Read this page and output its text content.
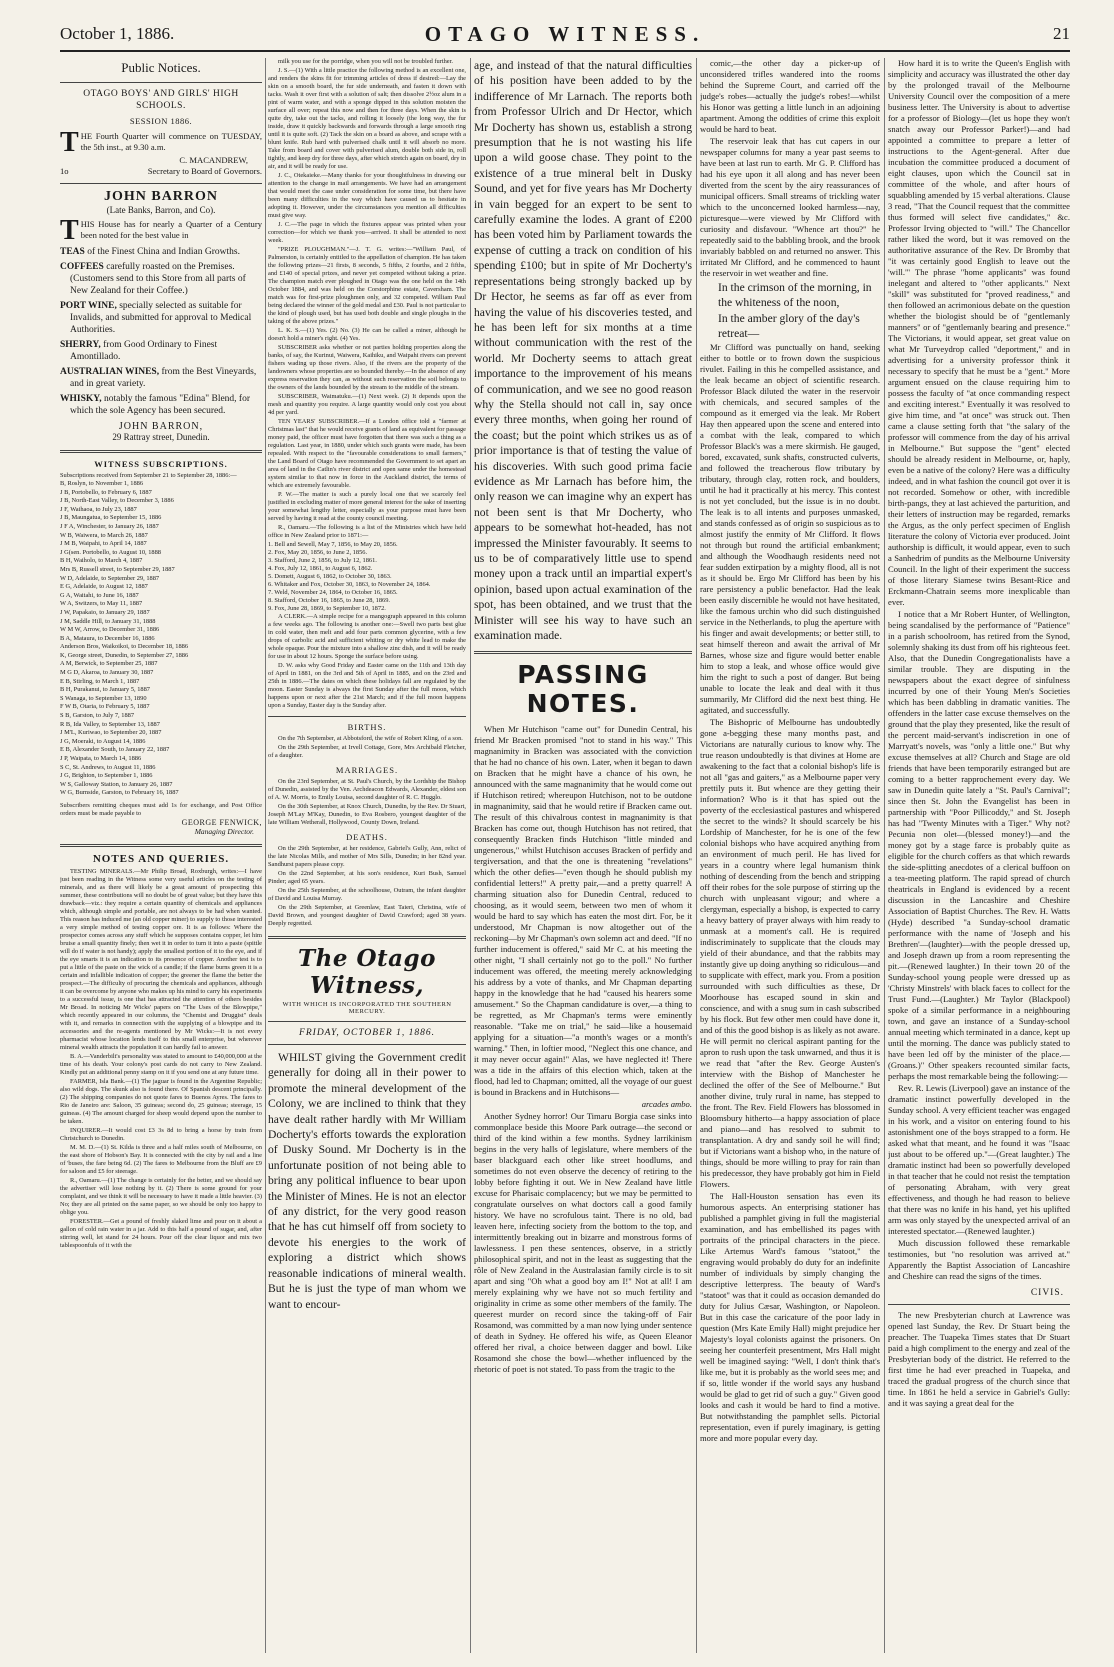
October 1, 1886.	OTAGO WITNESS.	21
Public Notices.
OTAGO BOYS' AND GIRLS' HIGH SCHOOLS.
SESSION 1886.
THE Fourth Quarter will commence on TUESDAY, the 5th inst., at 9.30 a.m.
C. MACANDREW,
1o	Secretary to Board of Governors.
JOHN BARRON
(Late Banks, Barron, and Co).
THIS House has for nearly a Quarter of a Century been noted for the best value in
TEAS of the Finest China and Indian Growths.
COFFEES carefully roasted on the Premises. (Customers send to this Store from all parts of New Zealand for their Coffee.)
PORT WINE, specially selected as suitable for Invalids, and submitted for approval to Medical Authorities.
SHERRY, from Good Ordinary to Finest Amontillado.
AUSTRALIAN WINES, from the Best Vineyards, and in great variety.
WHISKY, notably the famous "Edina" Blend, for which the sole Agency has been secured.
JOHN BARRON,
29 Rattray street, Dunedin.
WITNESS SUBSCRIPTIONS.
Subscriptions received from September 21 to September 28, 1886:—
B, Roslyn, to November 1, 1886
J B, Portobello, to February 6, 1887
J B, North-East Valley, to December 3, 1886
J F, Waihaoa, to July 23, 1887
J B, Maungatua, to September 15, 1886
J F A, Winchester, to January 26, 1887
W B, Waiwera, to March 26, 1887
J M B, Waipahi, to April 14, 1887
J G(sen. Portobello, to August 10, 1888
B H, Waiholo, to March 4, 1887
Mrs B, Russell street, to September 29, 1887
W D, Adelaide, to September 29, 1887
E G, Adelaide, to August 12, 1887
G A, Waitahi, to June 16, 1887
W A, Switzers, to May 11, 1887
J W, Papakaio, to January 29, 1887
J M, Saddle Hill, to January 31, 1888
W M W, Arrow, to December 31, 1886
B A, Mataura, to December 16, 1886
Anderson Bros, Waikoikoi, to December 18, 1886
K, George street, Dunedin, to September 27, 1886
A M, Berwick, to September 25, 1887
M G D, Akaroa, to January 30, 1887
E B, Stirling, to March 1, 1887
B H, Purakanui, to January 5, 1887
S Wanaga, to September 13, 1890
F W B, Otaria, to February 5, 1887
S B, Garston, to July 7, 1887
R B, Ida Valley, to September 13, 1887
J M'L, Kuriwao, to September 20, 1887
J G, Moeraki, to August 14, 1886
E B, Alexander South, to January 22, 1887
J P, Waipata, to March 14, 1886
S C, St. Andrews, to August 11, 1886
J G, Brighton, to September 1, 1886
W S, Galloway Station, to January 26, 1887
W G, Burnside, Garston, to February 16, 1887
Subscribers remitting cheques must add 1s for exchange, and Post Office orders must be made payable to
GEORGE FENWICK,
Managing Director.
NOTES AND QUERIES.

TESTING MINERALS.—Mr Philip Broad, Roxburgh, writes:—I have just been reading in the Witness some very useful articles on the testing of minerals, and as there will likely be a great amount of prospecting this summer, these contributions will no doubt be of great value; but they have this drawback—viz.: they require a certain quantity of chemicals and appliances which, although simple and portable, are not always to be had when wanted. This reason has induced me (an old copper miner) to supply to those interested a very simple method of testing copper ore. It is as follows: Where the prospector comes across any stuff which he supposes contains copper, let him bruise a small quantity finely; then wet it in order to turn it into a paste (spittle will do if water is not handy); apply the smallest portion of it to the eye, and if the eye smarts it is an indication to its presence of copper. Another test is to put a little of the paste on the wick of a candle; if the flame burns green it is a certain and infallible indication of copper; the greener the flame the better the prospect.—The difficulty of procuring the chemicals and appliances, although it can be overcome by anyone who makes up his mind to carry his experiments to a successful issue, is one that has attracted the attention of others besides Mr Broad. In noticing Mr Wicks' papers on "The Uses of the Blowpipe," which recently appeared in our columns, the "Chemist and Druggist" deals with it, and remarks in connection with the supplying of a blowpipe and its accessories and the re-agents mentioned by Mr Wicks:—It is not every pharmacist whose location lends itself to this small enterprise, but wherever mineral wealth attracts the population it can hardly fail to answer.

B. A.—Vanderbilt's personality was stated to amount to £40,000,000 at the time of his death. Your colony's post cards do not carry to New Zealand. Kindly put an additional penny stamp on it if you send one at any future time.

FARMER, Isla Bank.—(1) The jaguar is found in the Argentine Republic; also wild dogs. The skunk also is found there. Of Spanish descent principally. (2) The shipping companies do not quote fares to Buenos Ayres. The fares to Rio de Janeiro are: Saloon, 35 guineas; second do, 25 guineas; steerage, 15 guineas. (4) The amount charged for sheep would depend upon the number to be taken.

INQUIRER.—It would cost £3 3s 8d to bring a horse by train from Christchurch to Dunedin.

M. M. D.—(1) St. Kilda is three and a half miles south of Melbourne, on the east shore of Hobson's Bay. It is connected with the city by rail and a line of 'buses, the fare being 6d. (2) The fares to Melbourne from the Bluff are £9 for saloon and £5 for steerage.

R., Oamaru.—(1) The change is certainly for the better, and we should say the advertiser will lose nothing by it. (2) There is some ground for your complaint, and we think it will be necessary to have it made a little heavier. (3) No; they are all printed on the same paper, so we should be only too happy to oblige you.

FORESTER.—Get a pound of freshly slaked lime and pour on it about a gallon of cold rain water in a jar. Add to this half a pound of sugar, and, after stirring well, let stand for 24 hours. Pour off the clear liquor and mix two tablespoonfuls of it with the

milk you use for the porridge, when you will not be troubled further.

J. S.—(1) With a little practice the following method is an excellent one, and renders the skins fit for trimming articles of dress if desired:—Lay the skin on a smooth board, the fur side underneath, and fasten it down with tacks. Wash it over first with a solution of salt; then dissolve 2½oz alum in a pint of warm water, and with a sponge dipped in this solution moisten the surface all over; repeat this now and then for three days. When the skin is quite dry, take out the tacks, and rolling it loosely (the long way, the fur inside, draw it quickly backwards and forwards through a large smooth ring until it is quite soft. (2) Tack the skin on a board as above, and scrape with a blunt knife. Rub hard with pulverised chalk until it will absorb no more. Take from board and cover with pulverised alum, double both side in, roll tightly, and keep dry for three days, after which stretch again on board, dry in air, and it will be ready for use.

J. C., Otekaieke.—Many thanks for your thoughtfulness in drawing our attention to the change in mail arrangements. We have had an arrangement that would meet the case under consideration for some time, but there have been many difficulties in the way which have caused us to hesitate in adopting it. However, under the circumstances you mention all difficulties must give way.

J. C.—The page in which the fixtures appear was printed when your correction—for which we thank you—arrived. It shall be attended to next week.

"PRIZE PLOUGHMAN."—J. T. G. writes:—"William Paul, of Palmerston, is certainly entitled to the appellation of champion. He has taken the following prizes—21 firsts, 8 seconds, 5 fifths, 2 fourths, and 2 fifths, and £140 of special prizes, and never yet competed without taking a prize. The champion match ever ploughed in Otago was the one held on the 14th October 1884, and was held on the Corstorphine estate, Caversham. The match was for first-prize ploughmen only, and 32 competed. William Paul being declared the winner of the gold medal and £30. Paul is not particular to the kind of plough used, but has used both double and single ploughs in the taking of the above prizes."

L. K. S.—(1) Yes. (2) No. (3) He can be called a miner, although he doesn't hold a miner's right. (4) Yes.

SUBSCRIBER asks whether or not parties holding properties along the banks, of say, the Kurinui, Waiwera, Kaihiku, and Waipahi rivers can prevent fishers wading up those rivers. Also, if the rivers are the property of the landowners whose properties are so bounded thereby.—In the absence of any express reservation they can, as without such reservation the soil belongs to the owners of the lands bounded by the stream to the middle of the stream.

SUBSCRIBER, Waimatuku.—(1) Next week. (2) It depends upon the mesh and quantity you require. A large quantity would only cost you about 4d per yard.

TEN YEARS' SUBSCRIBER.—If a London office told a "farmer at Christmas last" that he would receive grants of land as equivalent for passage money paid, the officer must have forgotten that there was such a thing as a regulation. Last year, in 1880, under which such grants were made, has been repealed. With respect to the "favourable considerations to small farmers," the Land Board of Otago have recommended the Government to set apart an area of land in the Catlin's river district and open same under the homestead system similar to that now in force in the Auckland district, the terms of which are extremely favourable.

P. W.—The matter is such a purely local one that we scarcely feel justified in excluding matter of more general interest for the sake of inserting your somewhat lengthy letter, especially as your purpose must have been served by having it read at the county council meeting.

R., Oamaru.—The following is a list of the Ministries which have held office in New Zealand prior to 1871:—

1. Bell and Sewell, May 7, 1856, to May 20, 1856.
2. Fox, May 20, 1856, to June 2, 1856.
3. Stafford, June 2, 1856, to July 12, 1861.
4. Fox, July 12, 1861, to August 6, 1862.
5. Domett, August 6, 1862, to October 30, 1863.
6. Whitaker and Fox, October 30, 1863, to November 24, 1864.
7. Weld, November 24, 1864, to October 16, 1865.
8. Stafford, October 16, 1865, to June 28, 1869.
9. Fox, June 28, 1869, to September 10, 1872.

A CLERK.—A simple recipe for a mangograph appeared in this column a few weeks ago. The following is another one:—Swell two parts best glue in cold water, then melt and add four parts common glycerine, with a few drops of carbolic acid and sufficient whiting or dry white lead to make the whole opaque. Pour the mixture into a shallow zinc dish, and it will be ready for use in about 12 hours. Sponge the surface before using.

D. W. asks why Good Friday and Easter came on the 11th and 13th day of April in 1881, on the 3rd and 5th of April in 1885, and on the 23rd and 25th in 1886.—The dates on which these holidays fall are regulated by the moon. Easter Sunday is always the first Sunday after the full moon, which happens upon or next after the 21st March; and if the full moon happens upon a Sunday, Easter day is the Sunday after.

BIRTHS.

On the 7th September, at Abbotsford, the wife of Robert Kling, of a son.

On the 29th September, at Irvell Cottage, Gore, Mrs Archibald Fletcher, of a daughter.

MARRIAGES.

On the 23rd September, at St. Paul's Church, by the Lordship the Bishop of Dunedin, assisted by the Ven. Archdeacon Edwards, Alexander, eldest son of A. W. Morris, to Emily Louisa, second daughter of R. C. Hugglo.

On the 30th September, at Knox Church, Dunedin, by the Rev. Dr Stuart, Joseph M'Lay M'Kay, Dunedin, to Eva Rosbero, youngest daughter of the late William Wetherall, Hollywood, County Down, Ireland.

DEATHS.

On the 29th September, at her residence, Gabriel's Gully, Ann, relict of the late Nicolas Mills, and mother of Mrs Sills, Dunedin; in her 82nd year. Sandhurst papers please copy.

On the 22nd September, at his son's residence, Kuri Bush, Samuel Pinder; aged 65 years.

On the 25th September, at the schoolhouse, Outram, the infant daughter of David and Louisa Murray.

On the 29th September, at Greenlaw, East Taieri, Christina, wife of David Brown, and youngest daughter of David Crawford; aged 38 years. Deeply regretted.

The Otago Witness,
WITH WHICH IS INCORPORATED THE SOUTHERN MERCURY.
FRIDAY, OCTOBER 1, 1886.

WHILST giving the Government credit generally for doing all in their power to promote the mineral development of the Colony, we are inclined to think that they have dealt rather hardly with Mr William Docherty's efforts towards the exploration of Dusky Sound. Mr Docherty is in the unfortunate position of not being able to bring any political influence to bear upon the Minister of Mines. He is not an elector of any district, for the very good reason that he has cut himself off from society to devote his energies to the work of exploring a district which shows reasonable indications of mineral wealth. But he is just the type of man whom we want to encour-

age, and instead of that the natural difficulties of his position have been added to by the indifference of Mr Larnach. The reports both from Professor Ulrich and Dr Hector, which Mr Docherty has shown us, establish a strong presumption that he is not wasting his life upon a wild goose chase. They point to the existence of a true mineral belt in Dusky Sound, and yet for five years has Mr Docherty in vain begged for an expert to be sent to carefully examine the lodes. A grant of £200 has been voted him by Parliament towards the expense of cutting a track on condition of his spending £100; but in spite of Mr Docherty's representations being strongly backed up by Dr Hector, he seems as far off as ever from having the value of his discoveries tested, and he has been left for six months at a time without communication with the rest of the world. Mr Docherty seems to attach great importance to the improvement of his means of communication, and we see no good reason why the Stella should not call in, say once every three months, when going her round of the coast; but the point which strikes us as of prior importance is that of testing the value of his discoveries. With such good prima facie evidence as Mr Larnach has before him, the only reason we can imagine why an expert has not been sent is that Mr Docherty, who appears to be somewhat hot-headed, has not impressed the Minister favourably. It seems to us to be of comparatively little use to spend money upon a track until an impartial expert's opinion, based upon actual examination of the spot, has been obtained, and we trust that the Minister will see his way to have such an examination made.

PASSING NOTES.

When Mr Hutchison "came out" for Dunedin Central, his friend Mr Bracken promised "not to stand in his way." This magnanimity in Bracken was associated with the conviction that he had no chance of his own. Later, when it began to dawn on Bracken that he might have a chance of his own, he announced with the same magnanimity that he would come out if Hutchison retired; whereupon Hutchison, not to be outdone in magnanimity, said that he would retire if Bracken came out. The result of this chivalrous contest in magnanimity is that Bracken has come out, though Hutchison has not retired, that consequently Bracken finds Hutchison "little minded and ungenerous," whilst Hutchison accuses Bracken of perfidy and tergiversation, and that the one is threatening "revelations" which the other defies—"even though he should publish my confidential letters!" A pretty pair,—and a pretty quarrel! A charming situation also for Dunedin Central, reduced to choosing, as it would seem, between two men of whom it would be hard to say which has eaten the most dirt. For, be it understood, Mr Chapman is now altogether out of the reckoning—by Mr Chapman's own solemn act and deed. "If no further inducement is offered," said Mr C. at his meeting the other night, "I shall certainly not go to the poll." No further inducement was offered, the meeting merely acknowledging his address by a vote of thanks, and Mr Chapman departing happy in the knowledge that he had "caused his hearers some amusement." So the Chapman candidature is over,—a thing to be regretted, as Mr Chapman's terms were eminently reasonable. "Take me on trial," he said—like a housemaid applying for a situation—"a month's wages or a month's warning." Then, in loftier mood, "Neglect this one chance, and it may never occur again!" Alas, we have neglected it! There was a tide in the affairs of this election which, taken at the flood, had led to Chapman; omitted, all the voyage of our guest is bound in Brackens and in Hutchisons—

arcades ambo.

Another Sydney horror! Our Timaru Borgia case sinks into commonplace beside this Moore Park outrage—the second or third of the kind within a few months. Sydney larrikinism begins in the very halls of legislature, where members of the baser blackguard each other like street hoodlums, and sometimes do not even observe the decency of retiring to the lobby before fighting it out. We in New Zealand have little excuse for Pharisaic complacency; but we may be permitted to congratulate ourselves on what doctors call a good family history. We have no scrofulous taint. There is no old, bad leaven here, infecting society from the bottom to the top, and intermittently breaking out in bizarre and monstrous forms of lawlessness. I pen these sentences, observe, in a strictly philosophical spirit, and not in the least as suggesting that the rôle of New Zealand in the Australasian family circle is to sit apart and sing "Oh what a good boy am I!" Not at all! I am merely explaining why we have not so much fertility and originality in crime as some other members of the family. The queerest murder on record since the taking-off of Fair Rosamond, was committed by a man now lying under sentence of death in Sydney. He offered his wife, as Queen Eleanor offered her rival, a choice between dagger and bowl. Like Rosamond she chose the bowl—whether influenced by the rhetoric of poet is not stated. To pass from the tragic to the

comic,—the other day a picker-up of unconsidered trifles wandered into the rooms behind the Supreme Court, and carried off the judge's robes—actually the judge's robes!—whilst his Honor was getting a little lunch in an adjoining apartment. Among the oddities of crime this exploit would be hard to beat.

The reservoir leak that has cut capers in our newspaper columns for many a year past seems to have been at last run to earth. Mr G. P. Clifford has had his eye upon it all along and has never been diverted from the scent by the airy reassurances of municipal officers. Small streams of trickling water which to the unconcerned looked harmless—nay, picturesque—were viewed by Mr Clifford with curiosity and disfavour. "Whence art thou?" he repeatedly said to the babbling brook, and the brook invariably babbled on and returned no answer. This irritated Mr Clifford, and he commenced to haunt the reservoir in wet weather and fine.

In the crimson of the morning, in the whiteness of the noon,
In the amber glory of the day's retreat—

Mr Clifford was punctually on hand, seeking either to bottle or to frown down the suspicious rivulet. Failing in this he compelled assistance, and the leak became an object of scientific research. Professor Black diluted the water in the reservoir with chemicals, and secured samples of the compound as it emerged via the leak. Mr Robert Hay then appeared upon the scene and entered into a combat with the leak, compared to which Professor Black's was a mere skirmish. He gauged, bored, excavated, sunk shafts, constructed culverts, and followed the treacherous flow tributary by tributary, through clay, rotten rock, and boulders, until he had it practically at his mercy. This contest is not yet concluded, but the issue is in no doubt. The leak is to all intents and purposes unmasked, and stands confessed as of origin so suspicious as to almost justify the enmity of Mr Clifford. It flows not through but round the artificial embankment; and although the Woodhaugh residents need not fear sudden extirpation by a mighty flood, all is not as it should be. Ergo Mr Clifford has been by his rare persistency a public benefactor. Had the leak been easily discernible he would not have hesitated, like the famous urchin who did such distinguished service in the Netherlands, to plug the aperture with his finger and await developments; or better still, to seat himself thereon and await the arrival of Mr Barnes, whose size and figure would better enable him to stop a leak, and whose office would give him the right to such a post of danger. But being unable to locate the leak and deal with it thus summarily, Mr Clifford did the next best thing. He agitated, and successfully.

The Bishopric of Melbourne has undoubtedly gone a-begging these many months past, and Victorians are naturally curious to know why. The true reason undoubtedly is that divines at Home are awakening to the fact that a colonial bishop's life is not all "gas and gaiters," as a Melbourne paper very prettily puts it. But whence are they getting their information? Who is it that has spied out the poverty of the ecclesiastical pastures and whispered the secret to the winds? It should scarcely be his Lordship of Manchester, for he is one of the few colonial bishops who have acquired anything from an environment of much peril. He has lived for years in a country where legal humanism think nothing of descending from the bench and stripping off their robes for the sole purpose of stirring up the church with unpleasant vigour; and where a clergyman, especially a bishop, is expected to carry a heavy battery of prayer always with him ready to unmask at a moment's call. He is required indiscriminately to supplicate that the clouds may yield of their abundance, and that the rabbits may instantly give up doing anything so ridiculous—and to supplicate with effect, mark you. From a position surrounded with such difficulties as these, Dr Moorhouse has escaped sound in skin and conscience, and with a snug sum in cash subscribed by his flock. But few other men could have done it, and of this the good bishop is as likely as not aware. He will permit no clerical aspirant panting for the apron to rush upon the task unwarned, and thus it is we read that "after the Rev. George Austen's interview with the Bishop of Manchester he declined the offer of the See of Melbourne." But another divine, truly rural in name, has stepped to the front. The Rev. Field Flowers has blossomed in Bloomsbury hitherto—a happy association of place and piano—and has resolved to submit to transplantation. A dry and sandy soil he will find; but if Victorians want a bishop who, in the nature of things, should be more willing to pray for rain than his predecessor, they have probably got him in Field Flowers.

The Hall-Houston sensation has even its humorous aspects. An enterprising stationer has published a pamphlet giving in full the magisterial examination, and has embellished its pages with portraits of the principal characters in the piece. Like Artemus Ward's famous "statoot," the engraving would probably do duty for an indefinite number of individuals by simply changing the descriptive letterpress. The beauty of Ward's "statoot" was that it could as occasion demanded do duty for Julius Cæsar, Washington, or Napoleon. But in this case the caricature of the poor lady in question (Mrs Kate Emily Hall) might prejudice her Majesty's loyal colonists against the prisoners. On seeing her counterfeit presentment, Mrs Hall might well be imagined saying: "Well, I don't think that's like me, but it is probably as the world sees me; and if so, little wonder if the world says any husband would be glad to get rid of such a guy." Given good looks and cash it would be hard to find a motive. But notwithstanding the pamphlet sells. Pictorial representation, even if purely imaginary, is getting more and more popular every day.

How hard it is to write the Queen's English with simplicity and accuracy was illustrated the other day by the prolonged travail of the Melbourne University Council over the composition of a mere business letter. The University is about to advertise for a professor of Biology—(let us hope they won't snatch away our Professor Parker!)—and had appointed a committee to prepare a letter of instructions to the Agent-general. After due incubation the committee produced a document of eight clauses, upon which the Council sat in committee of the whole, and after hours of squabbling amended by 15 verbal alterations. Clause 3 read, "That the Council request that the committee thus formed will select five candidates," &c. Professor Irving objected to "will." The Chancellor rather liked the word, but it was removed on the authoritative assurance of the Rev. Dr Bromby that "it was certainly good English to leave out the 'will.'" The phrase "home applicants" was found inelegant and altered to "other applicants." Next "skill" was substituted for "proved readiness," and then followed an acrimonious debate on the question whether the biologist should be of "gentlemanly manners" or of "gentlemanly bearing and presence." The Victorians, it would appear, set great value on what Mr Turveydrop called "deportment," and in advertising for a university professor think it necessary to specify that he must be a "gent." More argument ensued on the clause requiring him to possess the faculty of "at once commanding respect and exciting interest." Eventually it was resolved to give him time, and "at once" was struck out. Then came a clause setting forth that "the salary of the professor will commence from the day of his arrival in Melbourne." But suppose the "gent" elected should be already resident in Melbourne, or, haply, even be a native of the colony? Here was a difficulty indeed, and in what fashion the council got over it is not recorded. Somehow or other, with incredible birth-pangs, they at last achieved the parturition, and their letters of instruction may be regarded, remarks the Argus, as the only perfect specimen of English literature the colony of Victoria ever produced. Joint authorship is difficult, it would appear, even to such a Sanhedrim of pundits as the Melbourne University Council. In the light of their experiment the success of those literary Siamese twins Besant-Rice and Erckmann-Chatrain seems more inexplicable than ever.

I notice that a Mr Robert Hunter, of Wellington, being scandalised by the performance of "Patience" in a parish schoolroom, has retired from the Synod, solemnly shaking its dust from off his righteous feet. Also, that the Dunedin Congregationalists have a similar trouble. They are disputing in the newspapers about the exact degree of sinfulness incurred by one of their Young Men's Societies which has been dabbling in dramatic vanities. The offenders in the latter case excuse themselves on the ground that the play they presented, like the result of the percent maid-servant's indiscretion in one of Marryatt's novels, was "only a little one." But why excuse themselves at all? Church and Stage are old friends that have been temporarily estranged but are coming to a better rapprochement every day. We saw in Dunedin quite lately a "St. Paul's Carnival"; since then St. John the Evangelist has been in partnership with "Poor Pillicoddy," and St. Joseph has had "Twenty Minutes with a Tiger." Why not? Pecunia non olet—(blessed money!)—and the money got by a stage farce is probably quite as eligible for the church coffers as that which rewards the side-splitting anecdotes of a clerical buffoon on a tea-meeting platform. The rapid spread of church theatricals in England is evidenced by a recent discussion in the Lancashire and Cheshire Association of Baptist Churches. The Rev. H. Watts (Hyde) described "a Sunday-school dramatic performance with the name of 'Joseph and his Brethren'—(laughter)—with the people dressed up, and Joseph drawn up from a room representing the pit.—(Renewed laughter.) In their town 20 of the Sunday-school young people were dressed up as 'Christy Minstrels' with black faces to collect for the Trust Fund.—(Laughter.) Mr Taylor (Blackpool) spoke of a similar performance in a neighbouring town, and gave an instance of a Sunday-school annual meeting which terminated in a dance, kept up until the morning. The dance was publicly stated to have been led off by the minister of the place.—(Groans.)" Other speakers recounted similar facts, perhaps the most remarkable being the following:—

Rev. R. Lewis (Liverpool) gave an instance of the dramatic instinct powerfully developed in the Sunday school. A very efficient teacher was engaged in his work, and a visitor on entering found to his astonishment one of the boys strapped to a form. He asked what that meant, and he found it was "Isaac just about to be offered up."—(Great laughter.) The dramatic instinct had been so powerfully developed in that teacher that he could not resist the temptation of personating Abraham, with very great effectiveness, and though he had reason to believe that there was no knife in his hand, yet his uplifted arm was only stayed by the unexpected arrival of an interested spectator.—(Renewed laughter.)

Much discussion followed these remarkable testimonies, but "no resolution was arrived at." Apparently the Baptist Association of Lancashire and Cheshire can read the signs of the times.

CIVIS.

The new Presbyterian church at Lawrence was opened last Sunday, the Rev. Dr Stuart being the preacher. The Tuapeka Times states that Dr Stuart paid a high compliment to the energy and zeal of the Presbyterian body of the district. He referred to the first time he had ever preached in Tuapeka, and traced the gradual progress of the church since that time. In 1861 he held a service in Gabriel's Gully: and it was saying a great deal for the
